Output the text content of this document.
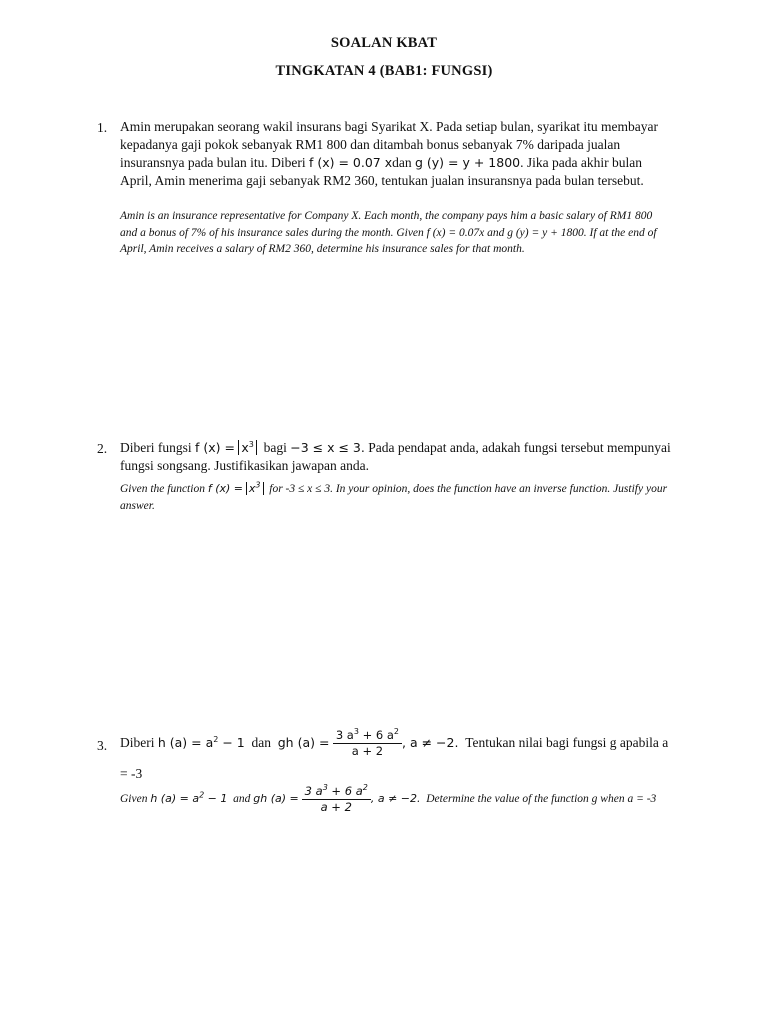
SOALAN KBAT
TINGKATAN 4 (BAB1: FUNGSI)
1. Amin merupakan seorang wakil insurans bagi Syarikat X. Pada setiap bulan, syarikat itu membayar kepadanya gaji pokok sebanyak RM1 800 dan ditambah bonus sebanyak 7% daripada jualan insuransnya pada bulan itu. Diberi f (x) = 0.07 xdan g (y) = y + 1800. Jika pada akhir bulan April, Amin menerima gaji sebanyak RM2 360, tentukan jualan insuransnya pada bulan tersebut.
Amin is an insurance representative for Company X. Each month, the company pays him a basic salary of RM1 800 and a bonus of 7% of his insurance sales during the month. Given f (x) = 0.07x and g (y) = y + 1800. If at the end of April, Amin receives a salary of RM2 360, determine his insurance sales for that month.
2. Diberi fungsi f $(x) = x^3$ bagi −3 ≤ x ≤ 3. Pada pendapat anda, adakah fungsi tersebut mempunyai fungsi songsang. Justifikasikan jawapan anda.
Given the function f $(x) = x^3$ for -3 ≤ x ≤ 3. In your opinion, does the function have an inverse function. Justify your answer.
3. Diberi h $(a) = a^2 - 1$ dan gh $(a) = \frac{3 a^3 + 6 a^2}{a + 2}$ , a ≠ −2. Tentukan nilai bagi fungsi g apabila a = -3
Given h $(a) = a^2 - 1$ and gh $(a) = \frac{3 a^3 + 6 a^2}{a + 2}$ , a ≠ −2. Determine the value of the function g when a = -3
